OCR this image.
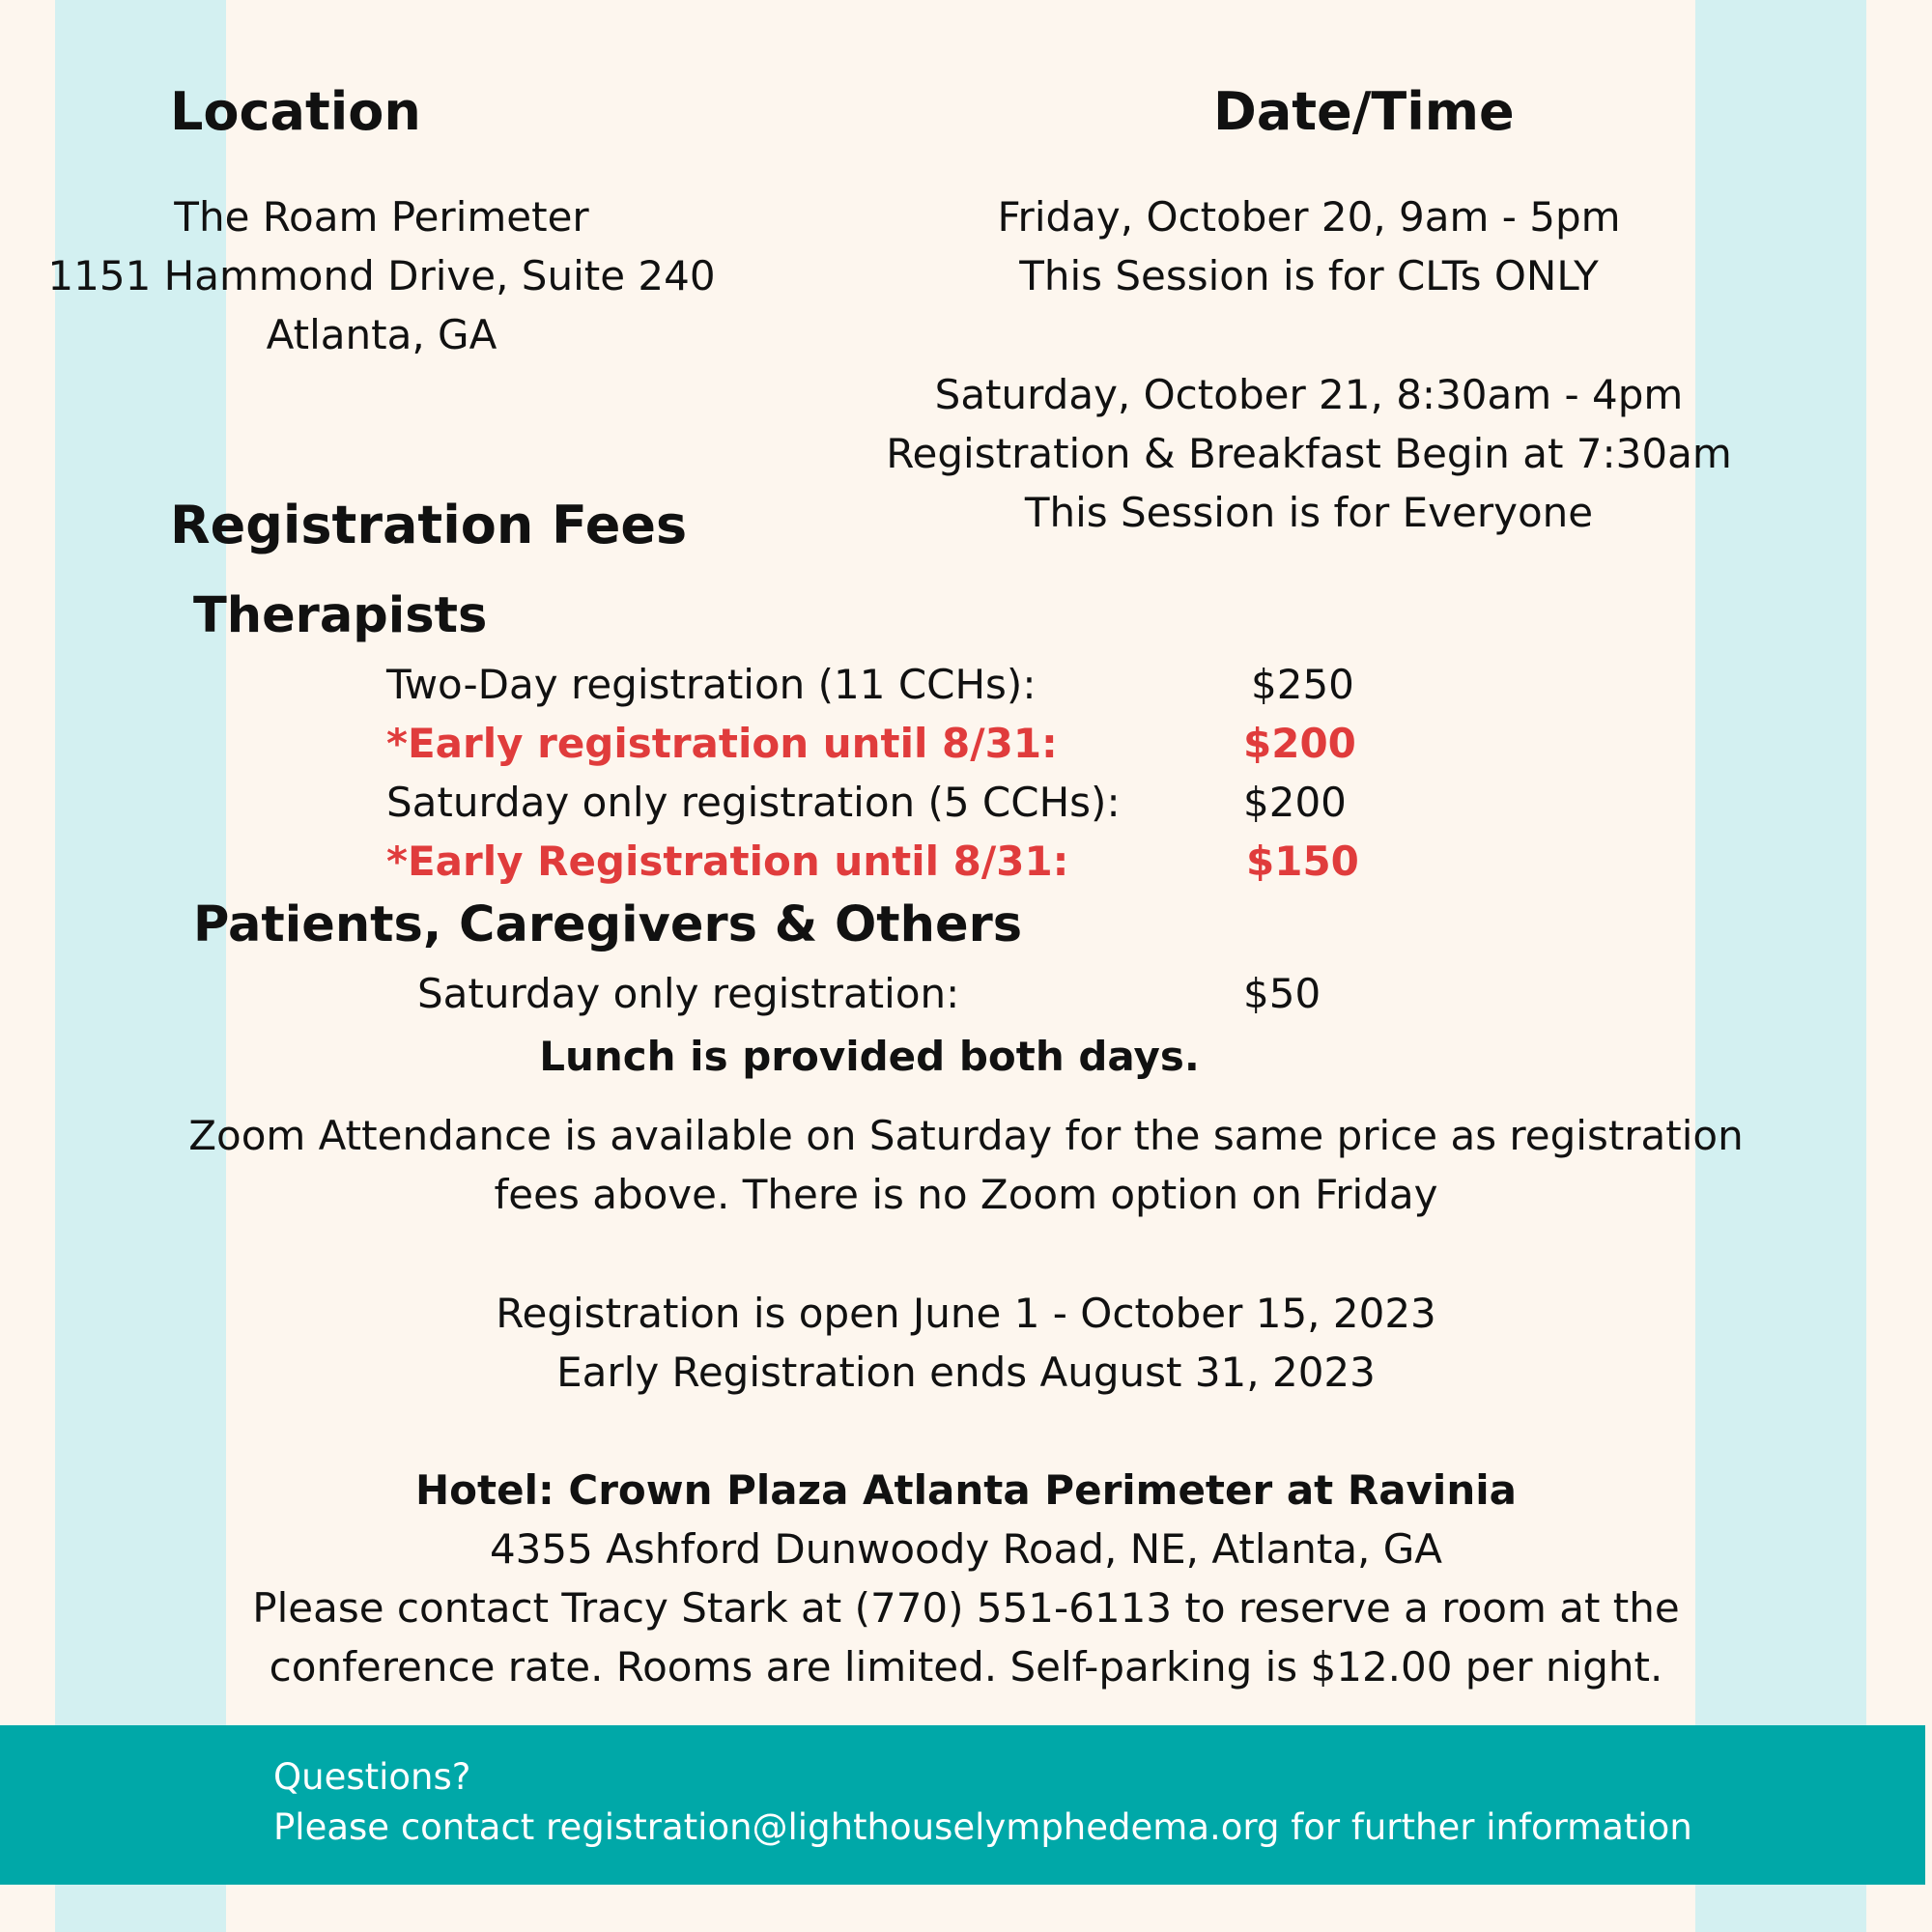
Location
The Roam Perimeter
1151 Hammond Drive, Suite 240
Atlanta, GA
Date/Time
Friday, October 20, 9am - 5pm
This Session is for CLTs ONLY
Saturday, October 21, 8:30am - 4pm
Registration & Breakfast Begin at 7:30am
This Session is for Everyone
Registration Fees
Therapists
Two-Day registration (11 CCHs):	$250
*Early registration until 8/31:	$200
Saturday only registration (5 CCHs):	$200
*Early Registration until 8/31:	$150
Patients, Caregivers & Others
Saturday only registration:	$50
Lunch is provided both days.
Zoom Attendance is available on Saturday for the same price as registration
fees above. There is no Zoom option on Friday
Registration is open June 1 - October 15, 2023
Early Registration ends August 31, 2023
Hotel: Crown Plaza Atlanta Perimeter at Ravinia
4355 Ashford Dunwoody Road, NE, Atlanta, GA
Please contact Tracy Stark at (770) 551-6113 to reserve a room at the
conference rate. Rooms are limited. Self-parking is $12.00 per night.
Questions?
Please contact registration@lighthouselymphedema.org for further information
